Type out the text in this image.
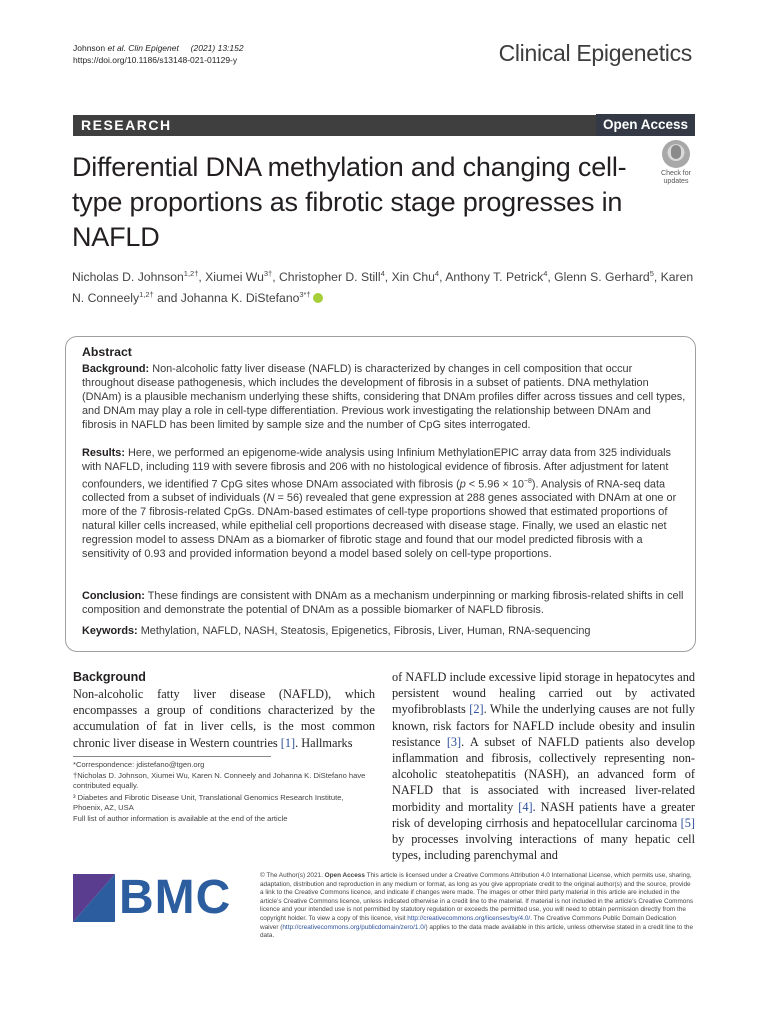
Johnson et al. Clin Epigenet (2021) 13:152
https://doi.org/10.1186/s13148-021-01129-y	Clinical Epigenetics
RESEARCH	Open Access
Differential DNA methylation and changing cell-type proportions as fibrotic stage progresses in NAFLD
Check for updates
Nicholas D. Johnson$^{1,2\dagger}$, Xiumei $Wu^{3\dagger}$, Christopher D. Still$^4$, Xin Chu$^4$, Anthony T. Petrick$^4$, Glenn S. Gerhard$^5$, Karen N. Conneely$^{1,2\dagger}$ and Johanna K. DiStefano$^{3*\dagger}$
Abstract

Background: Non-alcoholic fatty liver disease (NAFLD) is characterized by changes in cell composition that occur throughout disease pathogenesis, which includes the development of fibrosis in a subset of patients. DNA methylation (DNAm) is a plausible mechanism underlying these shifts, considering that DNAm profiles differ across tissues and cell types, and DNAm may play a role in cell-type differentiation. Previous work investigating the relationship between DNAm and fibrosis in NAFLD has been limited by sample size and the number of CpG sites interrogated.

Results: Here, we performed an epigenome-wide analysis using Infinium MethylationEPIC array data from 325 individuals with NAFLD, including 119 with severe fibrosis and 206 with no histological evidence of fibrosis. After adjustment for latent confounders, we identified 7 CpG sites whose DNAm associated with fibrosis $(p < 5.96 \times 10^{-8})$. Analysis of RNA-seq data collected from a subset of individuals (N = 56) revealed that gene expression at 288 genes associated with DNAm at one or more of the 7 fibrosis-related CpGs. DNAm-based estimates of cell-type proportions showed that estimated proportions of natural killer cells increased, while epithelial cell proportions decreased with disease stage. Finally, we used an elastic net regression model to assess DNAm as a biomarker of fibrotic stage and found that our model predicted fibrosis with a sensitivity of 0.93 and provided information beyond a model based solely on cell-type proportions.

Conclusion: These findings are consistent with DNAm as a mechanism underpinning or marking fibrosis-related shifts in cell composition and demonstrate the potential of DNAm as a possible biomarker of NAFLD fibrosis.

Keywords: Methylation, NAFLD, NASH, Steatosis, Epigenetics, Fibrosis, Liver, Human, RNA-sequencing

Background

Non-alcoholic fatty liver disease (NAFLD), which encompasses a group of conditions characterized by the accumulation of fat in liver cells, is the most common chronic liver disease in Western countries [1]. Hallmarks

of NAFLD include excessive lipid storage in hepatocytes and persistent wound healing carried out by activated myofibroblasts [2]. While the underlying causes are not fully known, risk factors for NAFLD include obesity and insulin resistance [3]. A subset of NAFLD patients also develop inflammation and fibrosis, collectively representing non-alcoholic steatohepatitis (NASH), an advanced form of NAFLD that is associated with increased liver-related morbidity and mortality [4]. NASH patients have a greater risk of developing cirrhosis and hepatocellular carcinoma [5] by processes involving interactions of many hepatic cell types, including parenchymal and

*Correspondence: jdistefano@tgen.org

†Nicholas D. Johnson, Xiumei Wu, Karen N. Conneely and Johanna K. DiStefano have contributed equally.

³ Diabetes and Fibrotic Disease Unit, Translational Genomics Research Institute, Phoenix, AZ, USA

Full list of author information is available at the end of the article

BMC	© The Author(s) 2021. Open Access This article is licensed under a Creative Commons Attribution 4.0 International License, which permits use, sharing, adaptation, distribution and reproduction in any medium or format, as long as you give appropriate credit to the original author(s) and the source, provide a link to the Creative Commons licence, and indicate if changes were made. The images or other third party material in this article are included in the article’s Creative Commons licence, unless indicated otherwise in a credit line to the material. If material is not included in the article’s Creative Commons licence and your intended use is not permitted by statutory regulation or exceeds the permitted use, you will need to obtain permission directly from the copyright holder. To view a copy of this licence, visit http://creativecommons.org/licenses/by/4.0/. The Creative Commons Public Domain Dedication waiver (http://creativecommons.org/publicdomain/zero/1.0/) applies to the data made available in this article, unless otherwise stated in a credit line to the data.
